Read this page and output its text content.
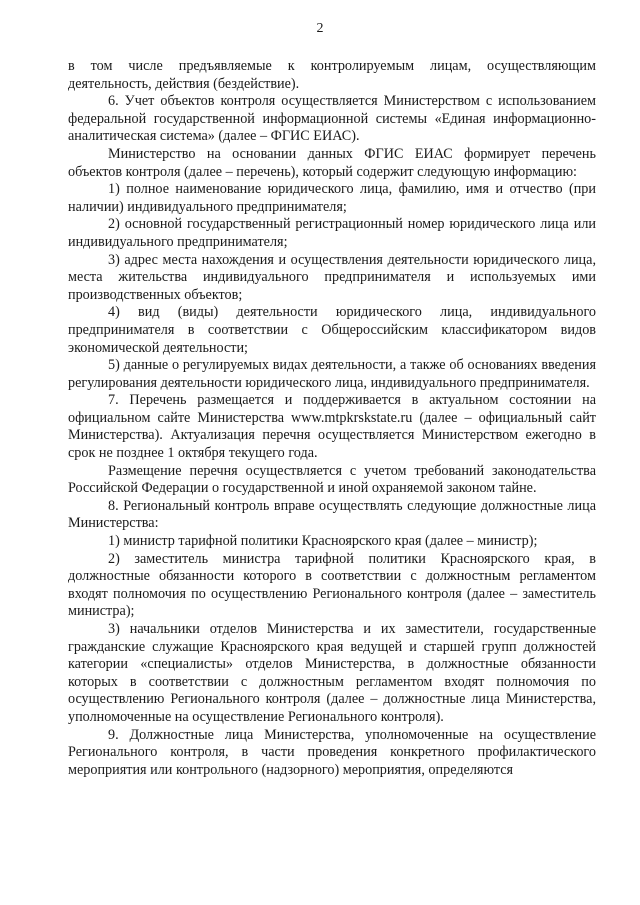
2

в том числе предъявляемые к контролируемым лицам, осуществляющим деятельность, действия (бездействие).

6. Учет объектов контроля осуществляется Министерством с использованием федеральной государственной информационной системы «Единая информационно-аналитическая система» (далее – ФГИС ЕИАС).

Министерство на основании данных ФГИС ЕИАС формирует перечень объектов контроля (далее – перечень), который содержит следующую информацию:

1) полное наименование юридического лица, фамилию, имя и отчество (при наличии) индивидуального предпринимателя;

2) основной государственный регистрационный номер юридического лица или индивидуального предпринимателя;

3) адрес места нахождения и осуществления деятельности юридического лица, места жительства индивидуального предпринимателя и используемых ими производственных объектов;

4) вид (виды) деятельности юридического лица, индивидуального предпринимателя в соответствии с Общероссийским классификатором видов экономической деятельности;

5) данные о регулируемых видах деятельности, а также об основаниях введения регулирования деятельности юридического лица, индивидуального предпринимателя.

7. Перечень размещается и поддерживается в актуальном состоянии на официальном сайте Министерства www.mtpkrskstate.ru (далее – официальный сайт Министерства). Актуализация перечня осуществляется Министерством ежегодно в срок не позднее 1 октября текущего года.

Размещение перечня осуществляется с учетом требований законодательства Российской Федерации о государственной и иной охраняемой законом тайне.

8. Региональный контроль вправе осуществлять следующие должностные лица Министерства:

1) министр тарифной политики Красноярского края (далее – министр);

2) заместитель министра тарифной политики Красноярского края, в должностные обязанности которого в соответствии с должностным регламентом входят полномочия по осуществлению Регионального контроля (далее – заместитель министра);

3) начальники отделов Министерства и их заместители, государственные гражданские служащие Красноярского края ведущей и старшей групп должностей категории «специалисты» отделов Министерства, в должностные обязанности которых в соответствии с должностным регламентом входят полномочия по осуществлению Регионального контроля (далее – должностные лица Министерства, уполномоченные на осуществление Регионального контроля).

9. Должностные лица Министерства, уполномоченные на осуществление Регионального контроля, в части проведения конкретного профилактического мероприятия или контрольного (надзорного) мероприятия, определяются
